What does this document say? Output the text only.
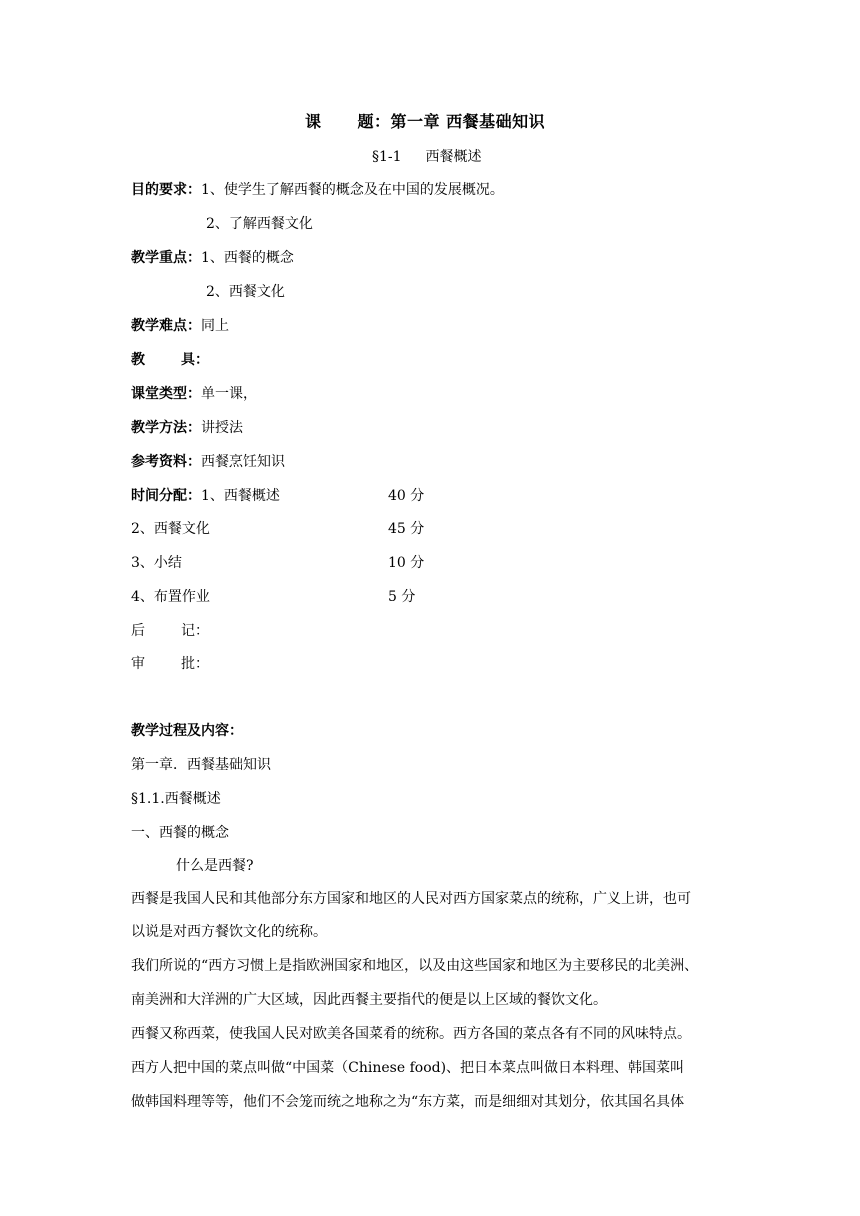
课 题：第一章 西餐基础知识
§1-1 西餐概述
目的要求：1、使学生了解西餐的概念及在中国的发展概况。
2、了解西餐文化
教学重点：1、西餐的概念
2、西餐文化
教学难点：同上
教	具：
课堂类型：单一课，
教学方法：讲授法
参考资料：西餐烹饪知识
时间分配：1、西餐概述	40 分
2、西餐文化	45 分
3、小结	10 分
4、布置作业	5 分
后	记：
审	批：
教学过程及内容：
第一章．西餐基础知识
§1.1.西餐概述
一、西餐的概念
什么是西餐?
西餐是我国人民和其他部分东方国家和地区的人民对西方国家菜点的统称，广义上讲，也可
以说是对西方餐饮文化的统称。
我们所说的“西方习惯上是指欧洲国家和地区，以及由这些国家和地区为主要移民的北美洲、
南美洲和大洋洲的广大区域，因此西餐主要指代的便是以上区域的餐饮文化。
西餐又称西菜，使我国人民对欧美各国菜肴的统称。西方各国的菜点各有不同的风味特点。
西方人把中国的菜点叫做“中国菜（Chinese food)、把日本菜点叫做日本料理、韩国菜叫
做韩国料理等等，他们不会笼而统之地称之为“东方菜，而是细细对其划分，依其国名具体
